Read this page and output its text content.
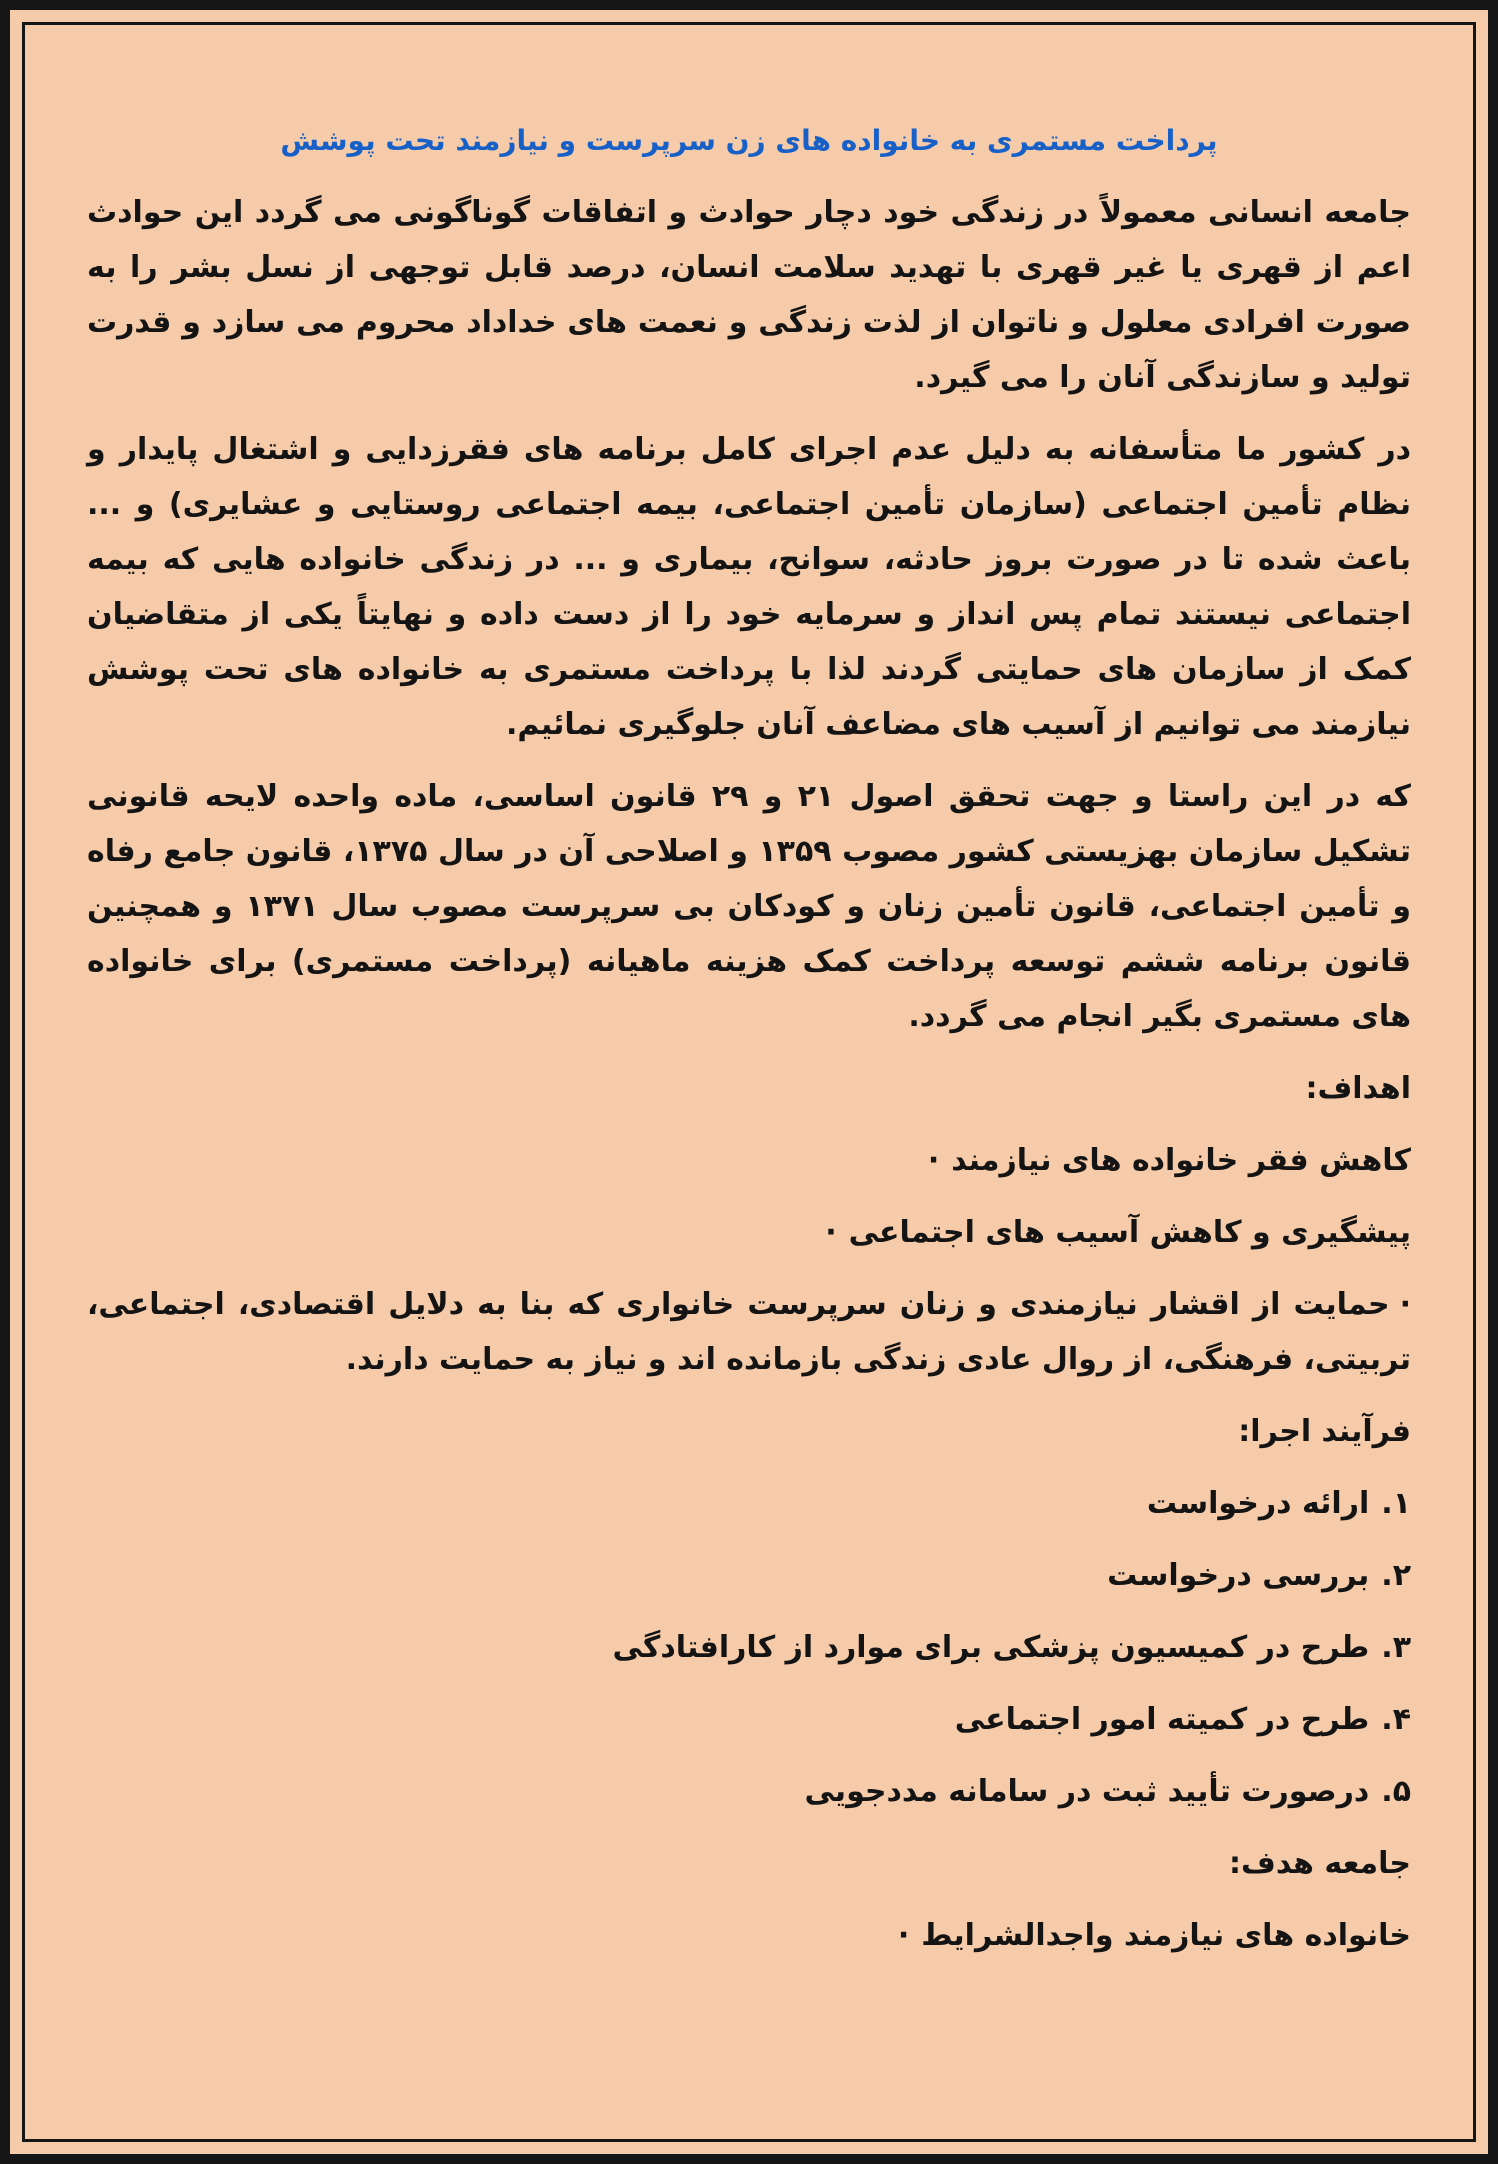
پرداخت مستمری به خانواده های زن سرپرست و نیازمند تحت پوشش
جامعه انسانی معمولاً در زندگی خود دچار حوادث و اتفاقات گوناگونی می گردد این حوادث اعم از قهری یا غیر قهری با تهدید سلامت انسان، درصد قابل توجهی از نسل بشر را به صورت افرادی معلول و ناتوان از لذت زندگی و نعمت های خداداد محروم می سازد و قدرت تولید و سازندگی آنان را می گیرد.
در کشور ما متأسفانه به دلیل عدم اجرای کامل برنامه های فقرزدایی و اشتغال پایدار و نظام تأمین اجتماعی (سازمان تأمین اجتماعی، بیمه اجتماعی روستایی و عشایری) و ... باعث شده تا در صورت بروز حادثه، سوانح، بیماری و ... در زندگی خانواده هایی که بیمه اجتماعی نیستند تمام پس انداز و سرمایه خود را از دست داده و نهایتاً یکی از متقاضیان کمک از سازمان های حمایتی گردند لذا با پرداخت مستمری به خانواده های تحت پوشش نیازمند می توانیم از آسیب های مضاعف آنان جلوگیری نمائیم.
که در این راستا و جهت تحقق اصول ۲۱ و ۲۹ قانون اساسی، ماده واحده لایحه قانونی تشکیل سازمان بهزیستی کشور مصوب ۱۳۵۹ و اصلاحی آن در سال ۱۳۷۵، قانون جامع رفاه و تأمین اجتماعی، قانون تأمین زنان و کودکان بی سرپرست مصوب سال ۱۳۷۱ و همچنین قانون برنامه ششم توسعه پرداخت کمک هزینه ماهیانه (پرداخت مستمری) برای خانواده های مستمری بگیر انجام می گردد.
اهداف:
کاهش فقر خانواده های نیازمند·
پیشگیری و کاهش آسیب های اجتماعی·
·حمایت از اقشار نیازمندی و زنان سرپرست خانواری که بنا به دلایل اقتصادی، اجتماعی، تربیتی، فرهنگی، از روال عادی زندگی بازمانده اند و نیاز به حمایت دارند.
فرآیند اجرا:
۱.ارائه درخواست
۲.بررسی درخواست
۳.طرح در کمیسیون پزشکی برای موارد از کارافتادگی
۴.طرح در کمیته امور اجتماعی
۵.درصورت تأیید ثبت در سامانه مددجویی
جامعه هدف:
خانواده های نیازمند واجدالشرایط·
